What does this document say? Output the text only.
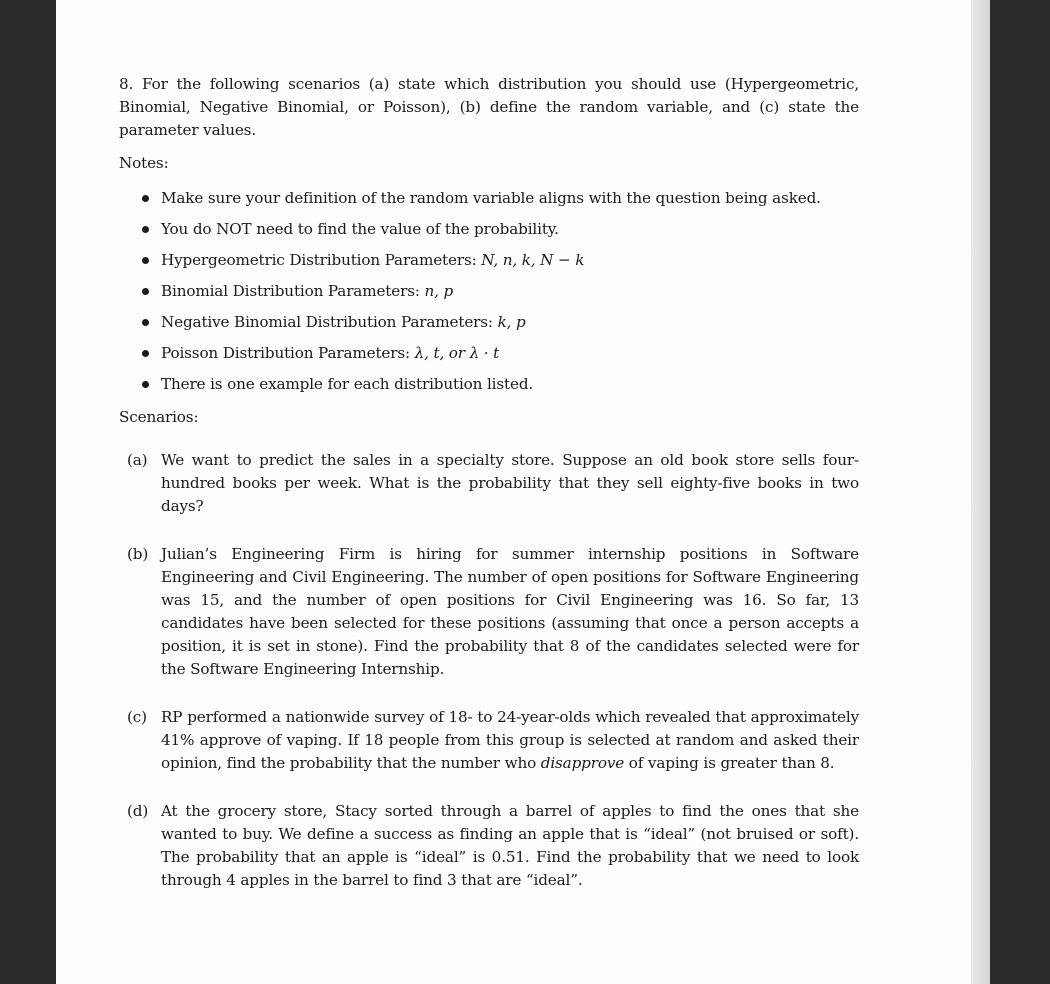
8. For the following scenarios (a) state which distribution you should use (Hypergeometric, Binomial, Negative Binomial, or Poisson), (b) define the random variable, and (c) state the parameter values.
Notes:
Make sure your definition of the random variable aligns with the question being asked.
You do NOT need to find the value of the probability.
Hypergeometric Distribution Parameters: N, n, k, N − k
Binomial Distribution Parameters: n, p
Negative Binomial Distribution Parameters: k, p
Poisson Distribution Parameters: λ, t, or λ · t
There is one example for each distribution listed.
Scenarios:
(a) We want to predict the sales in a specialty store. Suppose an old book store sells four-hundred books per week. What is the probability that they sell eighty-five books in two days?
(b) Julian’s Engineering Firm is hiring for summer internship positions in Software Engineering and Civil Engineering. The number of open positions for Software Engineering was 15, and the number of open positions for Civil Engineering was 16. So far, 13 candidates have been selected for these positions (assuming that once a person accepts a position, it is set in stone). Find the probability that 8 of the candidates selected were for the Software Engineering Internship.
(c) RP performed a nationwide survey of 18- to 24-year-olds which revealed that approximately 41% approve of vaping. If 18 people from this group is selected at random and asked their opinion, find the probability that the number who disapprove of vaping is greater than 8.
(d) At the grocery store, Stacy sorted through a barrel of apples to find the ones that she wanted to buy. We define a success as finding an apple that is “ideal” (not bruised or soft). The probability that an apple is “ideal” is 0.51. Find the probability that we need to look through 4 apples in the barrel to find 3 that are “ideal”.
